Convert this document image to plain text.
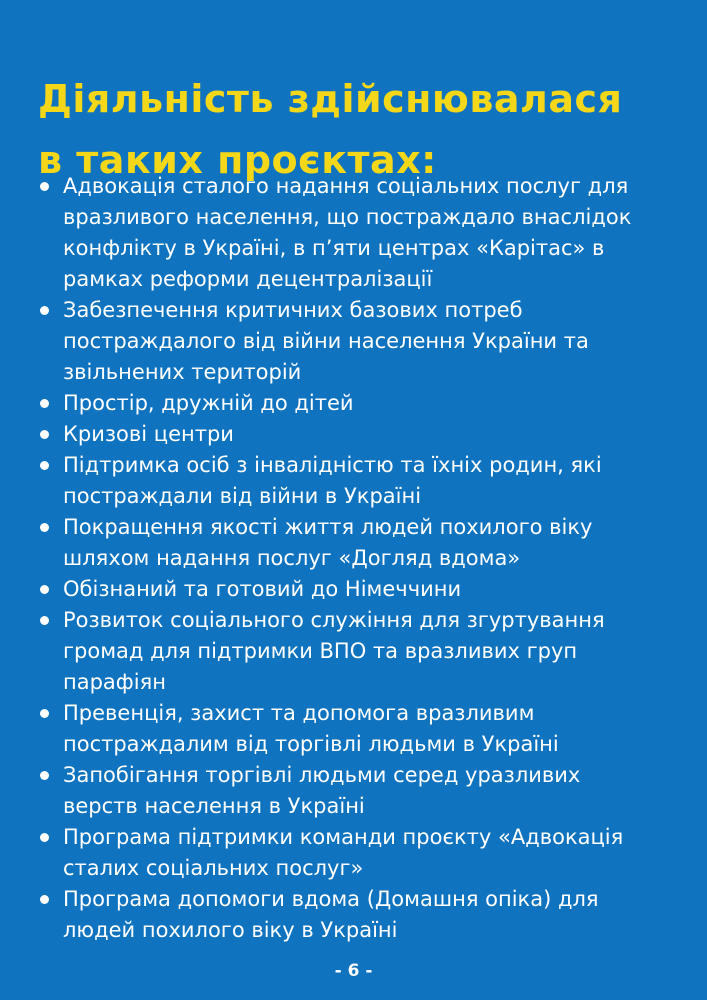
Діяльність здійснювалася
в таких проєктах:
Адвокація сталого надання соціальних послуг для
вразливого населення, що постраждало внаслідок
конфлікту в Україні, в п’яти центрах «Карітас» в
рамках реформи децентралізації
Забезпечення критичних базових потреб
постраждалого від війни населення України та
звільнених територій
Простір, дружній до дітей
Кризові центри
Підтримка осіб з інвалідністю та їхніх родин, які
постраждали від війни в Україні
Покращення якості життя людей похилого віку
шляхом надання послуг «Догляд вдома»
Обізнаний та готовий до Німеччини
Розвиток соціального служіння для згуртування
громад для підтримки ВПО та вразливих груп
парафіян
Превенція, захист та допомога вразливим
постраждалим від торгівлі людьми в Україні
Запобігання торгівлі людьми серед уразливих
верств населення в Україні
Програма підтримки команди проєкту «Адвокація
сталих соціальних послуг»
Програма допомоги вдома (Домашня опіка) для
людей похилого віку в Україні
- 6 -
